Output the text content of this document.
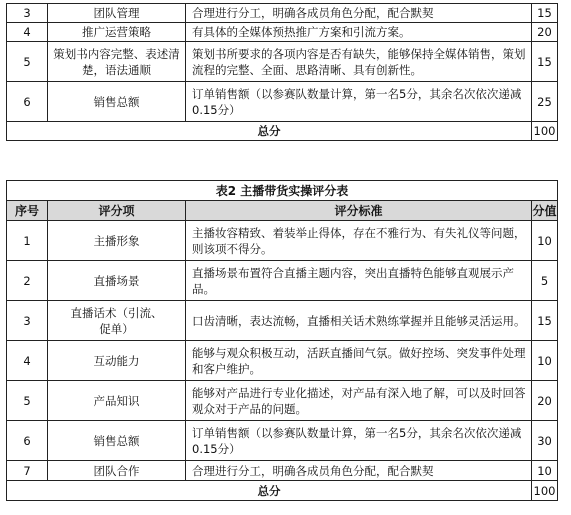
3	团队管理	合理进行分工，明确各成员角色分配，配合默契	15
4	推广运营策略	有具体的全媒体预热推广方案和引流方案。	20
5	策划书内容完整、表述清楚，语法通顺	策划书所要求的各项内容是否有缺失，能够保持全媒体销售，策划流程的完整、全面、思路清晰、具有创新性。	15
6	销售总额	订单销售额（以参赛队数量计算，第一名5分，其余名次依次递减0.15分）	25
总分			100
表2 主播带货实操评分表			
序号	评分项	评分标准	分值
1	主播形象	主播妆容精致、着装举止得体，存在不雅行为、有失礼仪等问题，则该项不得分。	10
2	直播场景	直播场景布置符合直播主题内容，突出直播特色能够直观展示产品。	5
3	直播话术（引流、促单）	口齿清晰，表达流畅，直播相关话术熟练掌握并且能够灵活运用。	15
4	互动能力	能够与观众积极互动，活跃直播间气氛。做好控场、突发事件处理和客户维护。	10
5	产品知识	能够对产品进行专业化描述，对产品有深入地了解，可以及时回答观众对于产品的问题。	20
6	销售总额	订单销售额（以参赛队数量计算，第一名5分，其余名次依次递减0.15分）	30
7	团队合作	合理进行分工，明确各成员角色分配，配合默契	10
总分			100
